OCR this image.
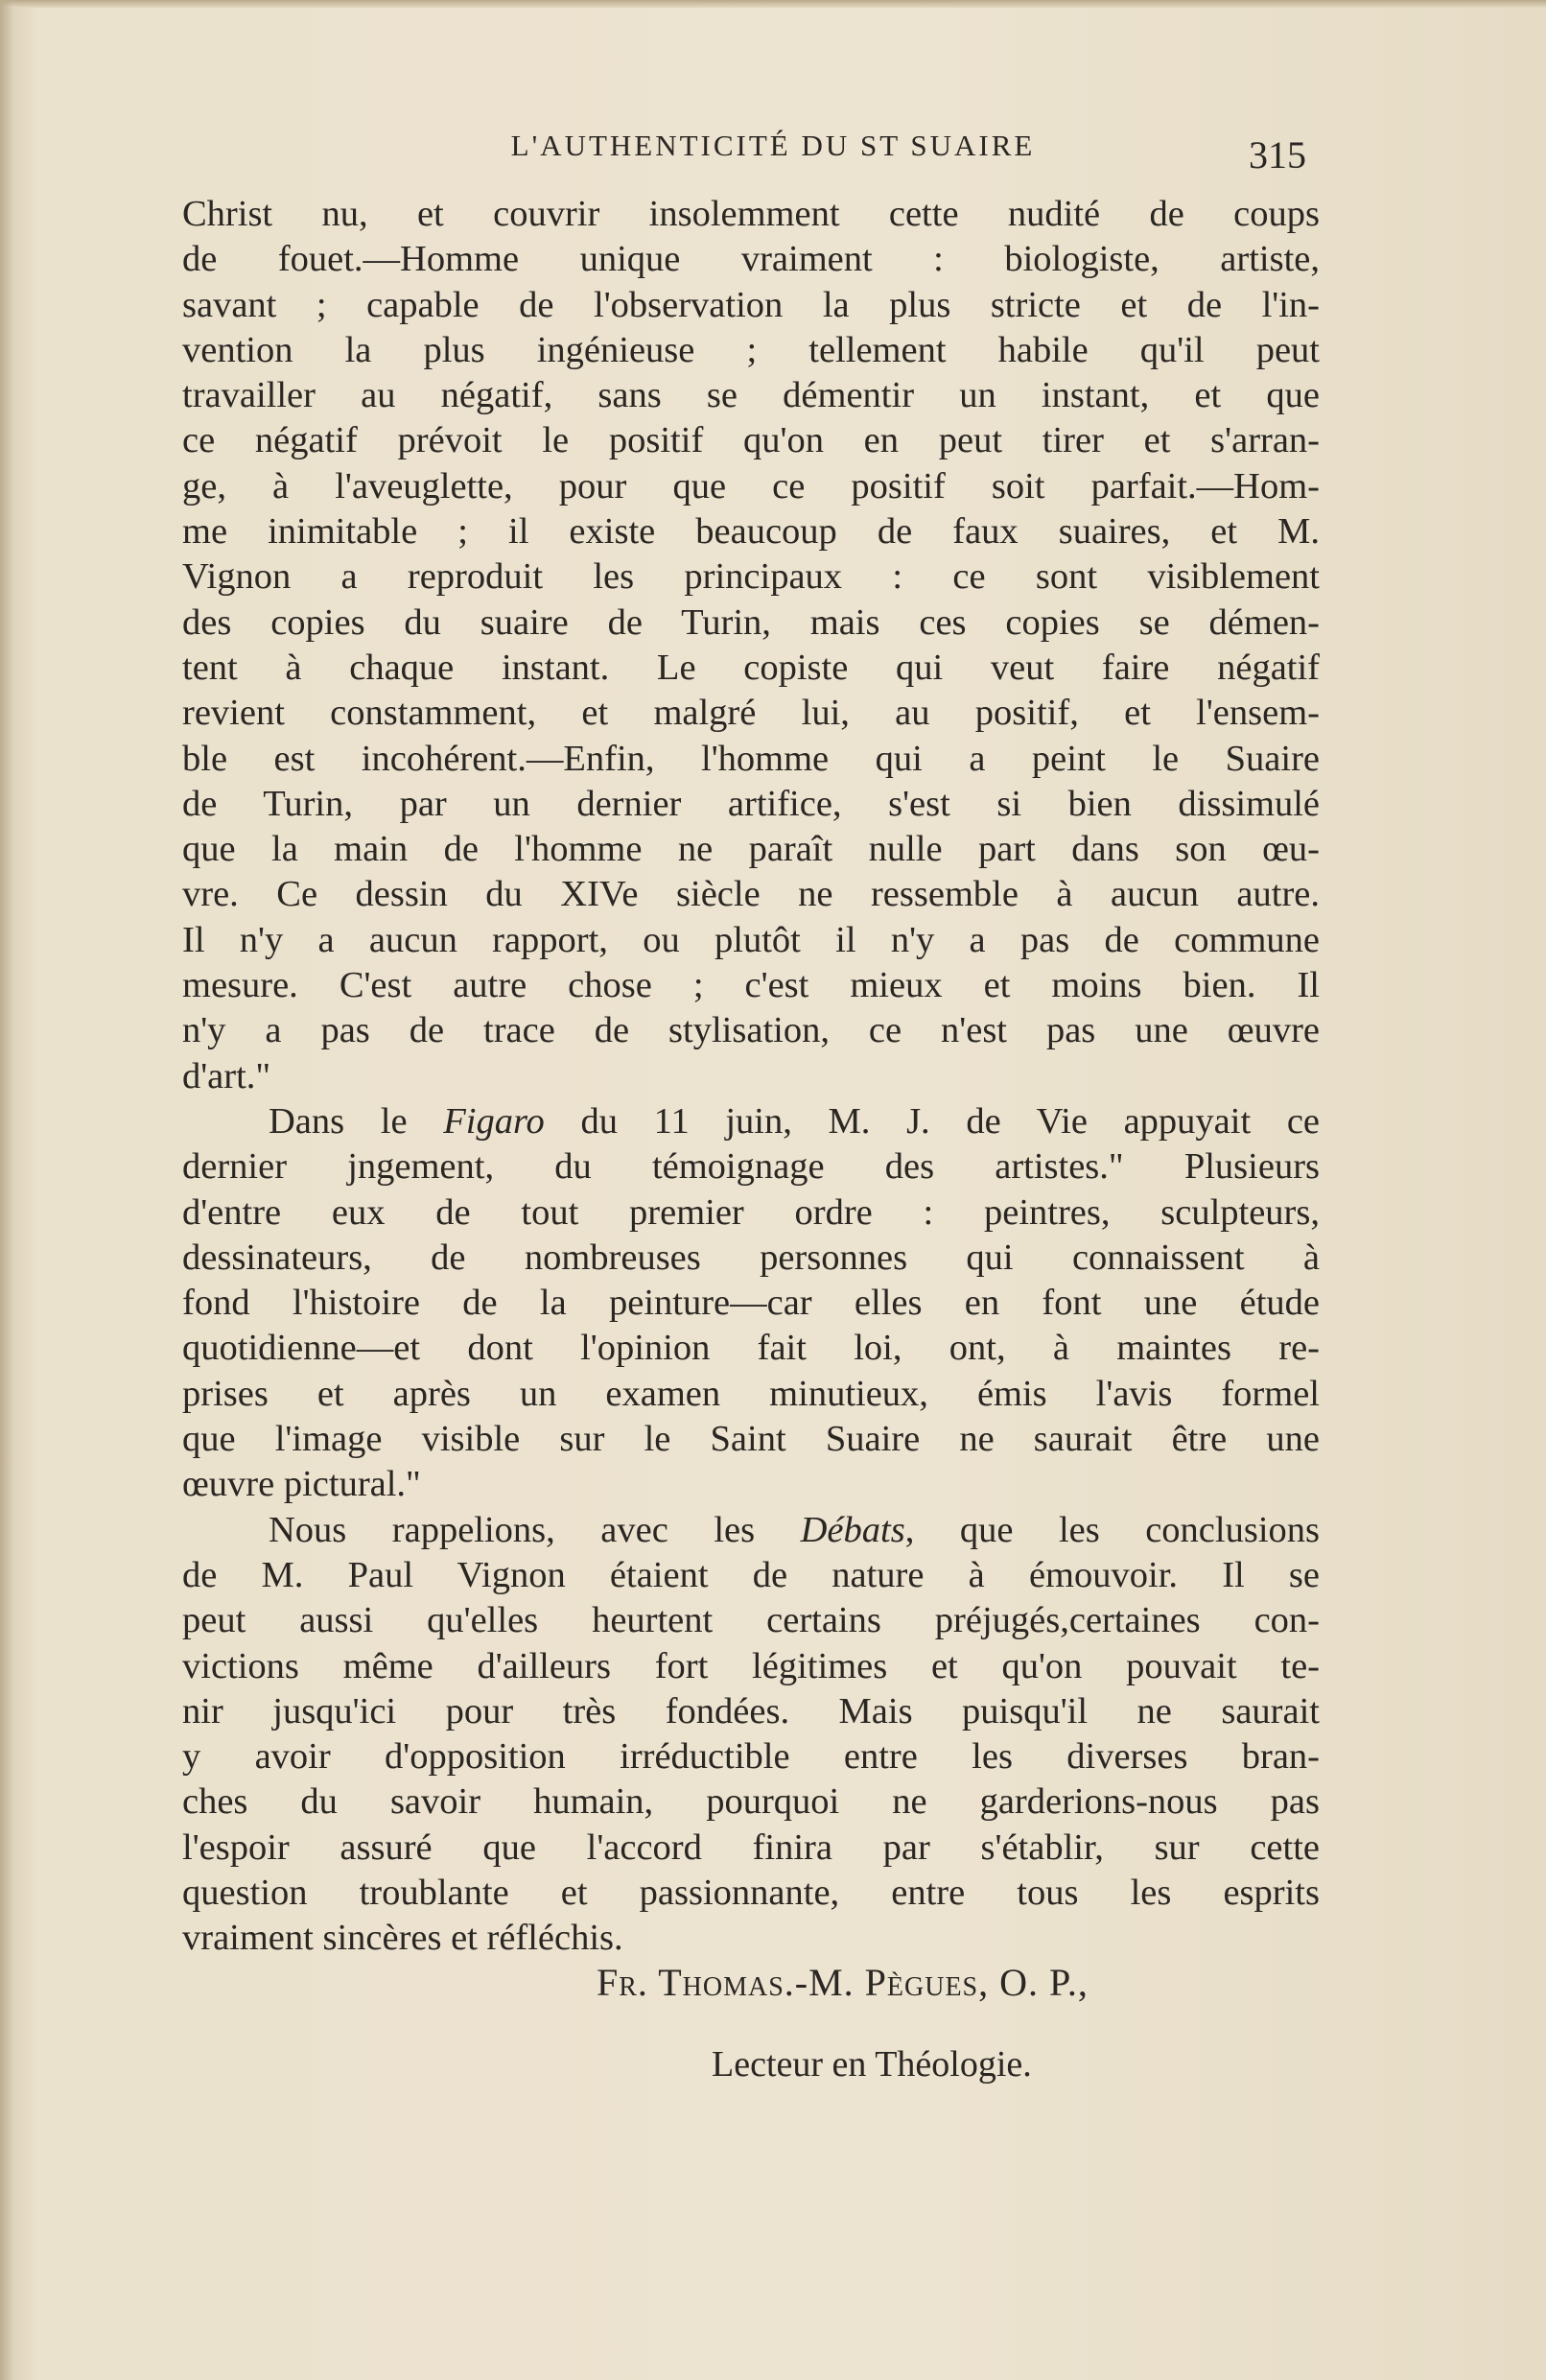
L'AUTHENTICITÉ DU ST SUAIRE	315
Christ nu, et couvrir insolemment cette nudité de coups
de fouet.—Homme unique vraiment : biologiste, artiste,
savant ; capable de l'observation la plus stricte et de l'in-
vention la plus ingénieuse ; tellement habile qu'il peut
travailler au négatif, sans se démentir un instant, et que
ce négatif prévoit le positif qu'on en peut tirer et s'arran-
ge, à l'aveuglette, pour que ce positif soit parfait.—Hom-
me inimitable ; il existe beaucoup de faux suaires, et M.
Vignon a reproduit les principaux : ce sont visiblement
des copies du suaire de Turin, mais ces copies se démen-
tent à chaque instant. Le copiste qui veut faire négatif
revient constamment, et malgré lui, au positif, et l'ensem-
ble est incohérent.—Enfin, l'homme qui a peint le Suaire
de Turin, par un dernier artifice, s'est si bien dissimulé
que la main de l'homme ne paraît nulle part dans son œu-
vre. Ce dessin du XIVe siècle ne ressemble à aucun autre.
Il n'y a aucun rapport, ou plutôt il n'y a pas de commune
mesure. C'est autre chose ; c'est mieux et moins bien. Il
n'y a pas de trace de stylisation, ce n'est pas une œuvre
d'art."
Dans le Figaro du 11 juin, M. J. de Vie appuyait ce
dernier jngement, du témoignage des artistes." Plusieurs
d'entre eux de tout premier ordre : peintres, sculpteurs,
dessinateurs, de nombreuses personnes qui connaissent à
fond l'histoire de la peinture—car elles en font une étude
quotidienne—et dont l'opinion fait loi, ont, à maintes re-
prises et après un examen minutieux, émis l'avis formel
que l'image visible sur le Saint Suaire ne saurait être une
œuvre pictural."
Nous rappelions, avec les Débats, que les conclusions
de M. Paul Vignon étaient de nature à émouvoir. Il se
peut aussi qu'elles heurtent certains préjugés,certaines con-
victions même d'ailleurs fort légitimes et qu'on pouvait te-
nir jusqu'ici pour très fondées. Mais puisqu'il ne saurait
y avoir d'opposition irréductible entre les diverses bran-
ches du savoir humain, pourquoi ne garderions-nous pas
l'espoir assuré que l'accord finira par s'établir, sur cette
question troublante et passionnante, entre tous les esprits
vraiment sincères et réfléchis.
Fr. Thomas.-M. Pègues, O. P.,
Lecteur en Théologie.
